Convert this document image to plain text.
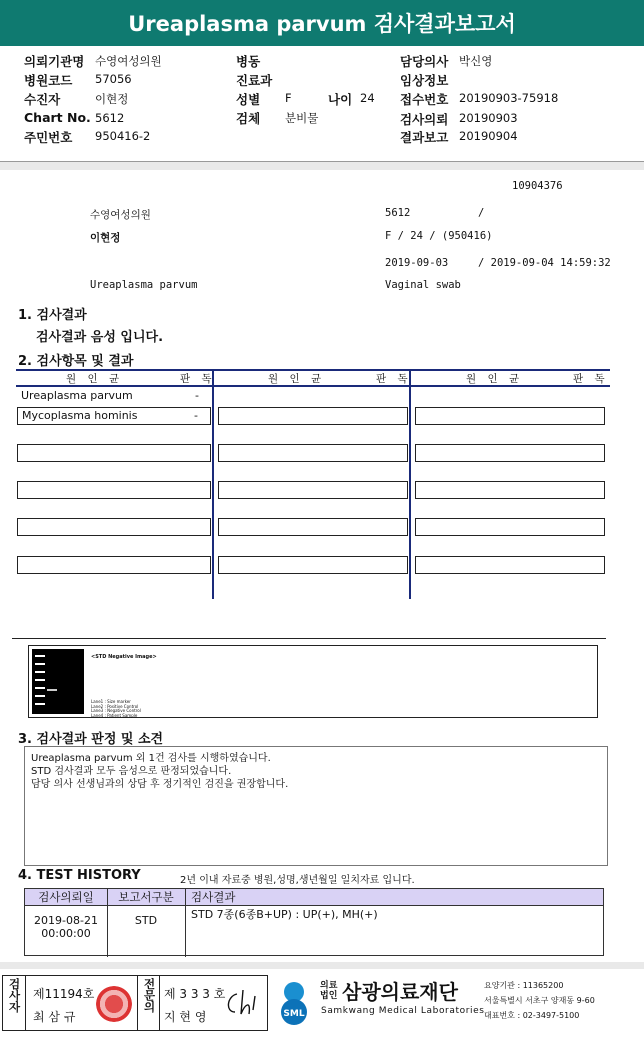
Ureaplasma parvum 검사결과보고서
의뢰기관명 수영여성의원
병원코드 57056
수진자	이현정
Chart No. 5612
주민번호 950416-2
병동
진료과
성별 F	나이 24
검체 분비물
담당의사 박신영
임상정보
접수번호 20190903-75918
검사의뢰 20190903
결과보고 20190904
10904376
수영여성의원	5612	/
이현정	F / 24 / (950416)
2019-09-03	/ 2019-09-04 14:59:32
Ureaplasma parvum	Vaginal swab
1. 검사결과
검사결과 음성 입니다.
2. 검사항목 및 결과
원 인 균	판 독	원 인 균	판 독	원 인 균	판 독
Ureaplasma parvum	-
Mycoplasma hominis	-
<STD Negative Image>
Lane1 : Size marker
Lane2 : Positive Control
Lane3 : Negative Control
Lane4 : Patient Sample
3. 검사결과 판정 및 소견
Ureaplasma parvum 외 1건 검사를 시행하였습니다.
STD 검사결과 모두 음성으로 판정되었습니다.
담당 의사 선생님과의 상담 후 정기적인 검진을 권장합니다.
4. TEST HISTORY	2년 이내 자료중 병원,성명,생년월일 일치자료 입니다.
검사의뢰일	보고서구분	검사결과
2019-08-21
00:00:00
STD	STD 7종(6종B+UP) : UP(+), MH(+)
검사자 제11194호
최 삼 규
전문의 제 3 3 3 호
지 현 영	SML
의료
법인 삼광의료재단
Samkwang Medical Laboratories
요양기관 : 11365200
서울특별시 서초구 양재동 9-60
대표번호 : 02-3497-5100
